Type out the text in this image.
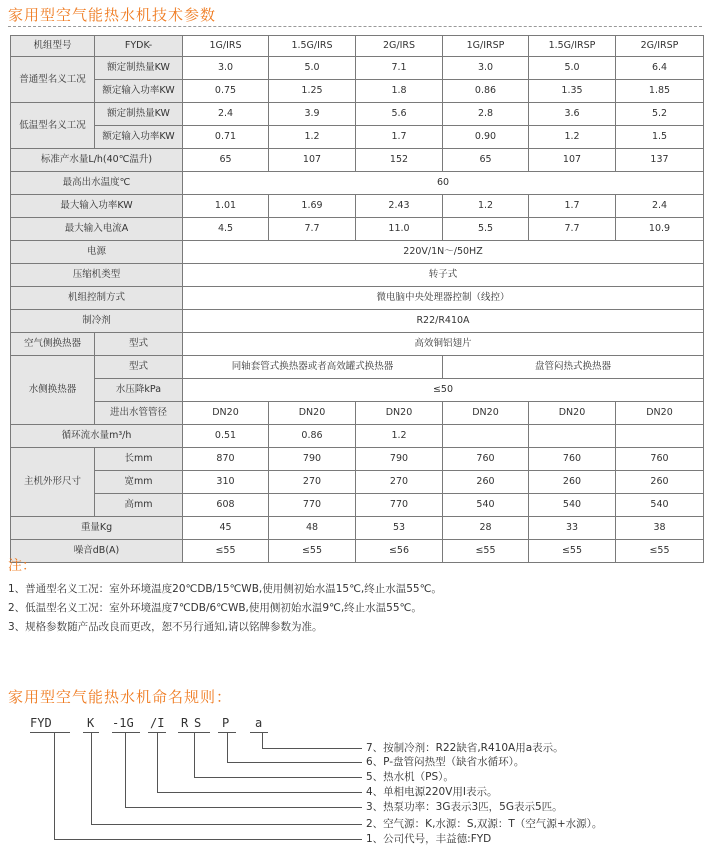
家用型空气能热水机技术参数
机组型号	FYDK-	1G/IRS	1.5G/IRS	2G/IRS	1G/IRSP	1.5G/IRSP	2G/IRSP
普通型名义工况	额定制热量KW	3.0	5.0	7.1	3.0	5.0	6.4
	额定输入功率KW	0.75	1.25	1.8	0.86	1.35	1.85
低温型名义工况	额定制热量KW	2.4	3.9	5.6	2.8	3.6	5.2
	额定输入功率KW	0.71	1.2	1.7	0.90	1.2	1.5
标准产水量L/h(40℃温升)		65	107	152	65	107	137
最高出水温度℃		60					
最大输入功率KW		1.01	1.69	2.43	1.2	1.7	2.4
最大输入电流A		4.5	7.7	11.0	5.5	7.7	10.9
电源		220V/1N～/50HZ					
压缩机类型		转子式					
机组控制方式		微电脑中央处理器控制（线控）					
制冷剂		R22/R410A					
空气侧换热器	型式	高效铜铝翅片					
水侧换热器	型式	同轴套管式换热器或者高效罐式换热器			盘管闷热式换热器		
	水压降kPa	≤50					
	进出水管管径	DN20	DN20	DN20	DN20	DN20	DN20
循环流水量m³/h		0.51	0.86	1.2			
主机外形尺寸	长mm	870	790	790	760	760	760
	宽mm	310	270	270	260	260	260
	高mm	608	770	770	540	540	540
重量Kg		45	48	53	28	33	38
噪音dB(A)		≤55	≤55	≤56	≤55	≤55	≤55
注：
1、普通型名义工况：室外环境温度20℃DB/15℃WB,使用侧初始水温15℃,终止水温55℃。
2、低温型名义工况：室外环境温度7℃DB/6℃WB,使用侧初始水温9℃,终止水温55℃。
3、规格参数随产品改良而更改，恕不另行通知,请以铭牌参数为准。
家用型空气能热水机命名规则：
FYD	K -1G /I R S P a
7、按制冷剂：R22缺省,R410A用a表示。
6、P-盘管闷热型（缺省水循环）。
5、热水机（PS）。
4、单相电源220V用I表示。
3、热泵功率：3G表示3匹，5G表示5匹。
2、空气源：K,水源：S,双源：T（空气源+水源）。
1、公司代号，丰益德:FYD
